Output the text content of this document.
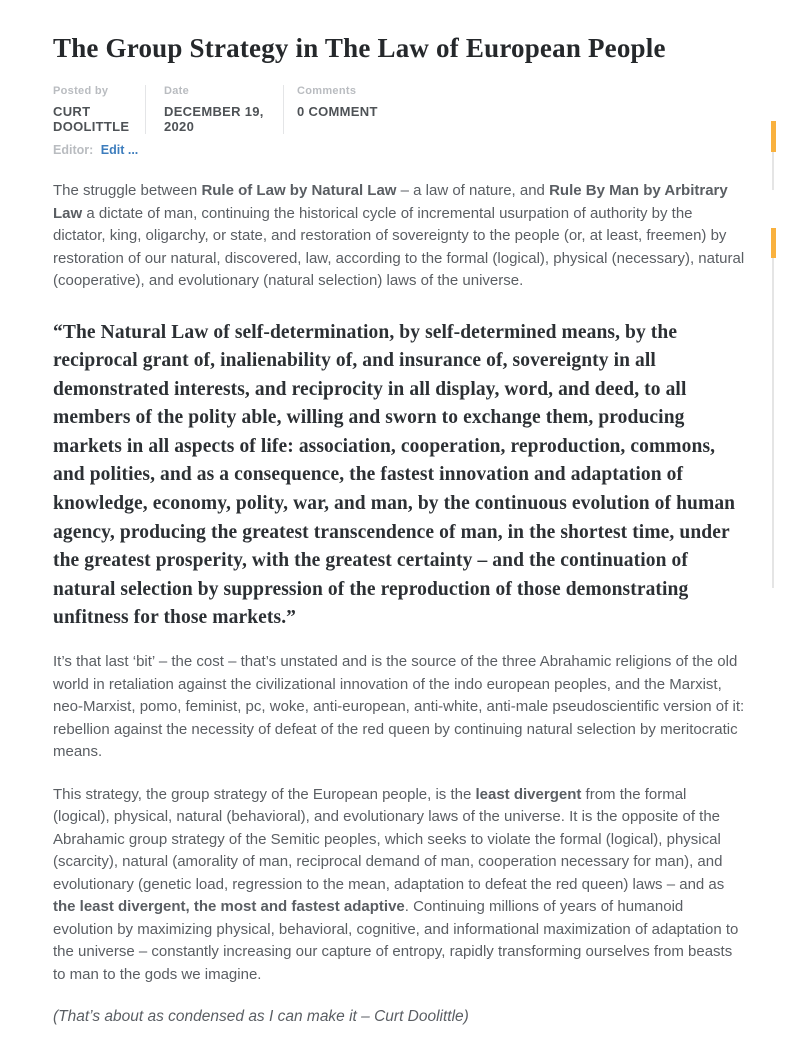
The Group Strategy in The Law of European People
Posted by
CURT DOOLITTLE
Date
DECEMBER 19, 2020
Comments
0 COMMENT
Editor: Edit ...

The struggle between Rule of Law by Natural Law – a law of nature, and Rule By Man by Arbitrary Law a dictate of man, continuing the historical cycle of incremental usurpation of authority by the dictator, king, oligarchy, or state, and restoration of sovereignty to the people (or, at least, freemen) by restoration of our natural, discovered, law, according to the formal (logical), physical (necessary), natural (cooperative), and evolutionary (natural selection) laws of the universe.

“The Natural Law of self-determination, by self-determined means, by the reciprocal grant of, inalienability of, and insurance of, sovereignty in all demonstrated interests, and reciprocity in all display, word, and deed, to all members of the polity able, willing and sworn to exchange them, producing markets in all aspects of life: association, cooperation, reproduction, commons, and polities, and as a consequence, the fastest innovation and adaptation of knowledge, economy, polity, war, and man, by the continuous evolution of human agency, producing the greatest transcendence of man, in the shortest time, under the greatest prosperity, with the greatest certainty – and the continuation of natural selection by suppression of the reproduction of those demonstrating unfitness for those markets.”

It’s that last ‘bit’ – the cost – that’s unstated and is the source of the three Abrahamic religions of the old world in retaliation against the civilizational innovation of the indo european peoples, and the Marxist, neo-Marxist, pomo, feminist, pc, woke, anti-european, anti-white, anti-male pseudoscientific version of it: rebellion against the necessity of defeat of the red queen by continuing natural selection by meritocratic means.

This strategy, the group strategy of the European people, is the least divergent from the formal (logical), physical, natural (behavioral), and evolutionary laws of the universe. It is the opposite of the Abrahamic group strategy of the Semitic peoples, which seeks to violate the formal (logical), physical (scarcity), natural (amorality of man, reciprocal demand of man, cooperation necessary for man), and evolutionary (genetic load, regression to the mean, adaptation to defeat the red queen) laws – and as the least divergent, the most and fastest adaptive. Continuing millions of years of humanoid evolution by maximizing physical, behavioral, cognitive, and informational maximization of adaptation to the universe – constantly increasing our capture of entropy, rapidly transforming ourselves from beasts to man to the gods we imagine.

(That’s about as condensed as I can make it – Curt Doolittle)
